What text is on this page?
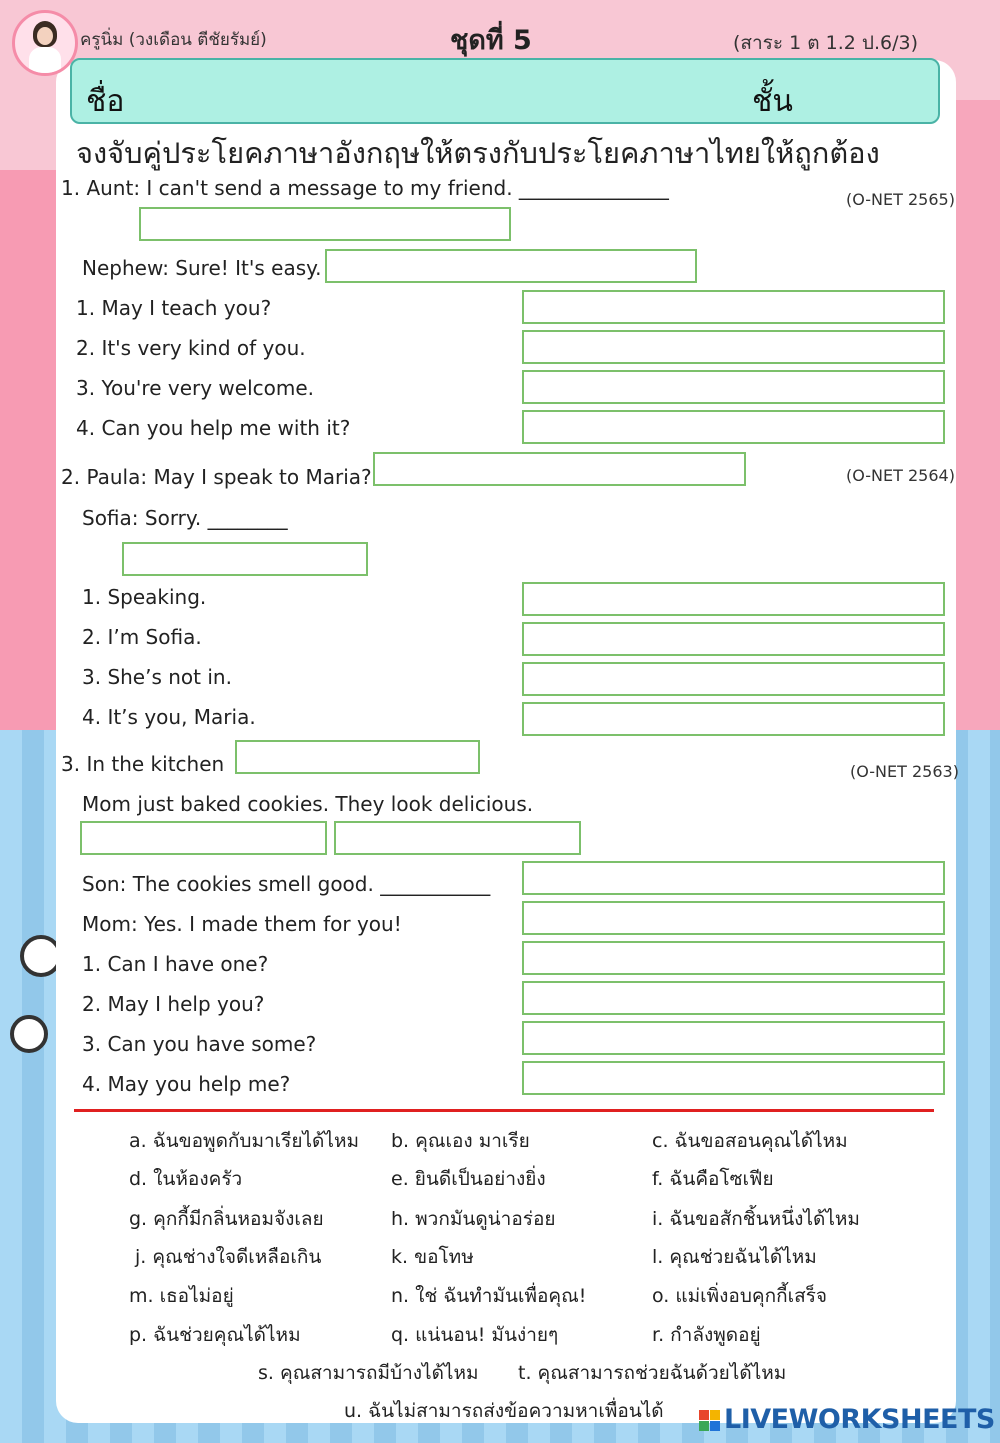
ครูนิ่ม (วงเดือน ตีชัยรัมย์)	ชุดที่ 5	(สาระ 1 ต 1.2 ป.6/3)
ชื่อ	ชั้น
จงจับคู่ประโยคภาษาอังกฤษให้ตรงกับประโยคภาษาไทยให้ถูกต้อง
1. Aunt: I can't send a message to my friend. _______________	(O-NET 2565)
Nephew: Sure! It's easy.
1. May I teach you?
2. It's very kind of you.
3. You're very welcome.
4. Can you help me with it?
2. Paula: May I speak to Maria?	(O-NET 2564)
Sofia: Sorry. ________
1. Speaking.
2. I’m Sofia.
3. She’s not in.
4. It’s you, Maria.
3. In the kitchen	(O-NET 2563)
Mom just baked cookies. They look delicious.
Son: The cookies smell good. ___________
Mom: Yes. I made them for you!
1. Can I have one?
2. May I help you?
3. Can you have some?
4. May you help me?
a. ฉันขอพูดกับมาเรียได้ไหม b. คุณเอง มาเรีย	c. ฉันขอสอนคุณได้ไหม
d. ในห้องครัว	e. ยินดีเป็นอย่างยิ่ง	f. ฉันคือโซเฟีย
g. คุกกี้มีกลิ่นหอมจังเลย	h. พวกมันดูน่าอร่อย	i. ฉันขอสักชิ้นหนึ่งได้ไหม
j. คุณช่างใจดีเหลือเกิน	k. ขอโทษ	l. คุณช่วยฉันได้ไหม
m. เธอไม่อยู่	n. ใช่ ฉันทำมันเพื่อคุณ!	o. แม่เพิ่งอบคุกกี้เสร็จ
p. ฉันช่วยคุณได้ไหม	q. แน่นอน! มันง่ายๆ	r. กำลังพูดอยู่
s. คุณสามารถมีบ้างได้ไหม t. คุณสามารถช่วยฉันด้วยได้ไหม
u. ฉันไม่สามารถส่งข้อความหาเพื่อนได้ LIVEWORKSHEETS
